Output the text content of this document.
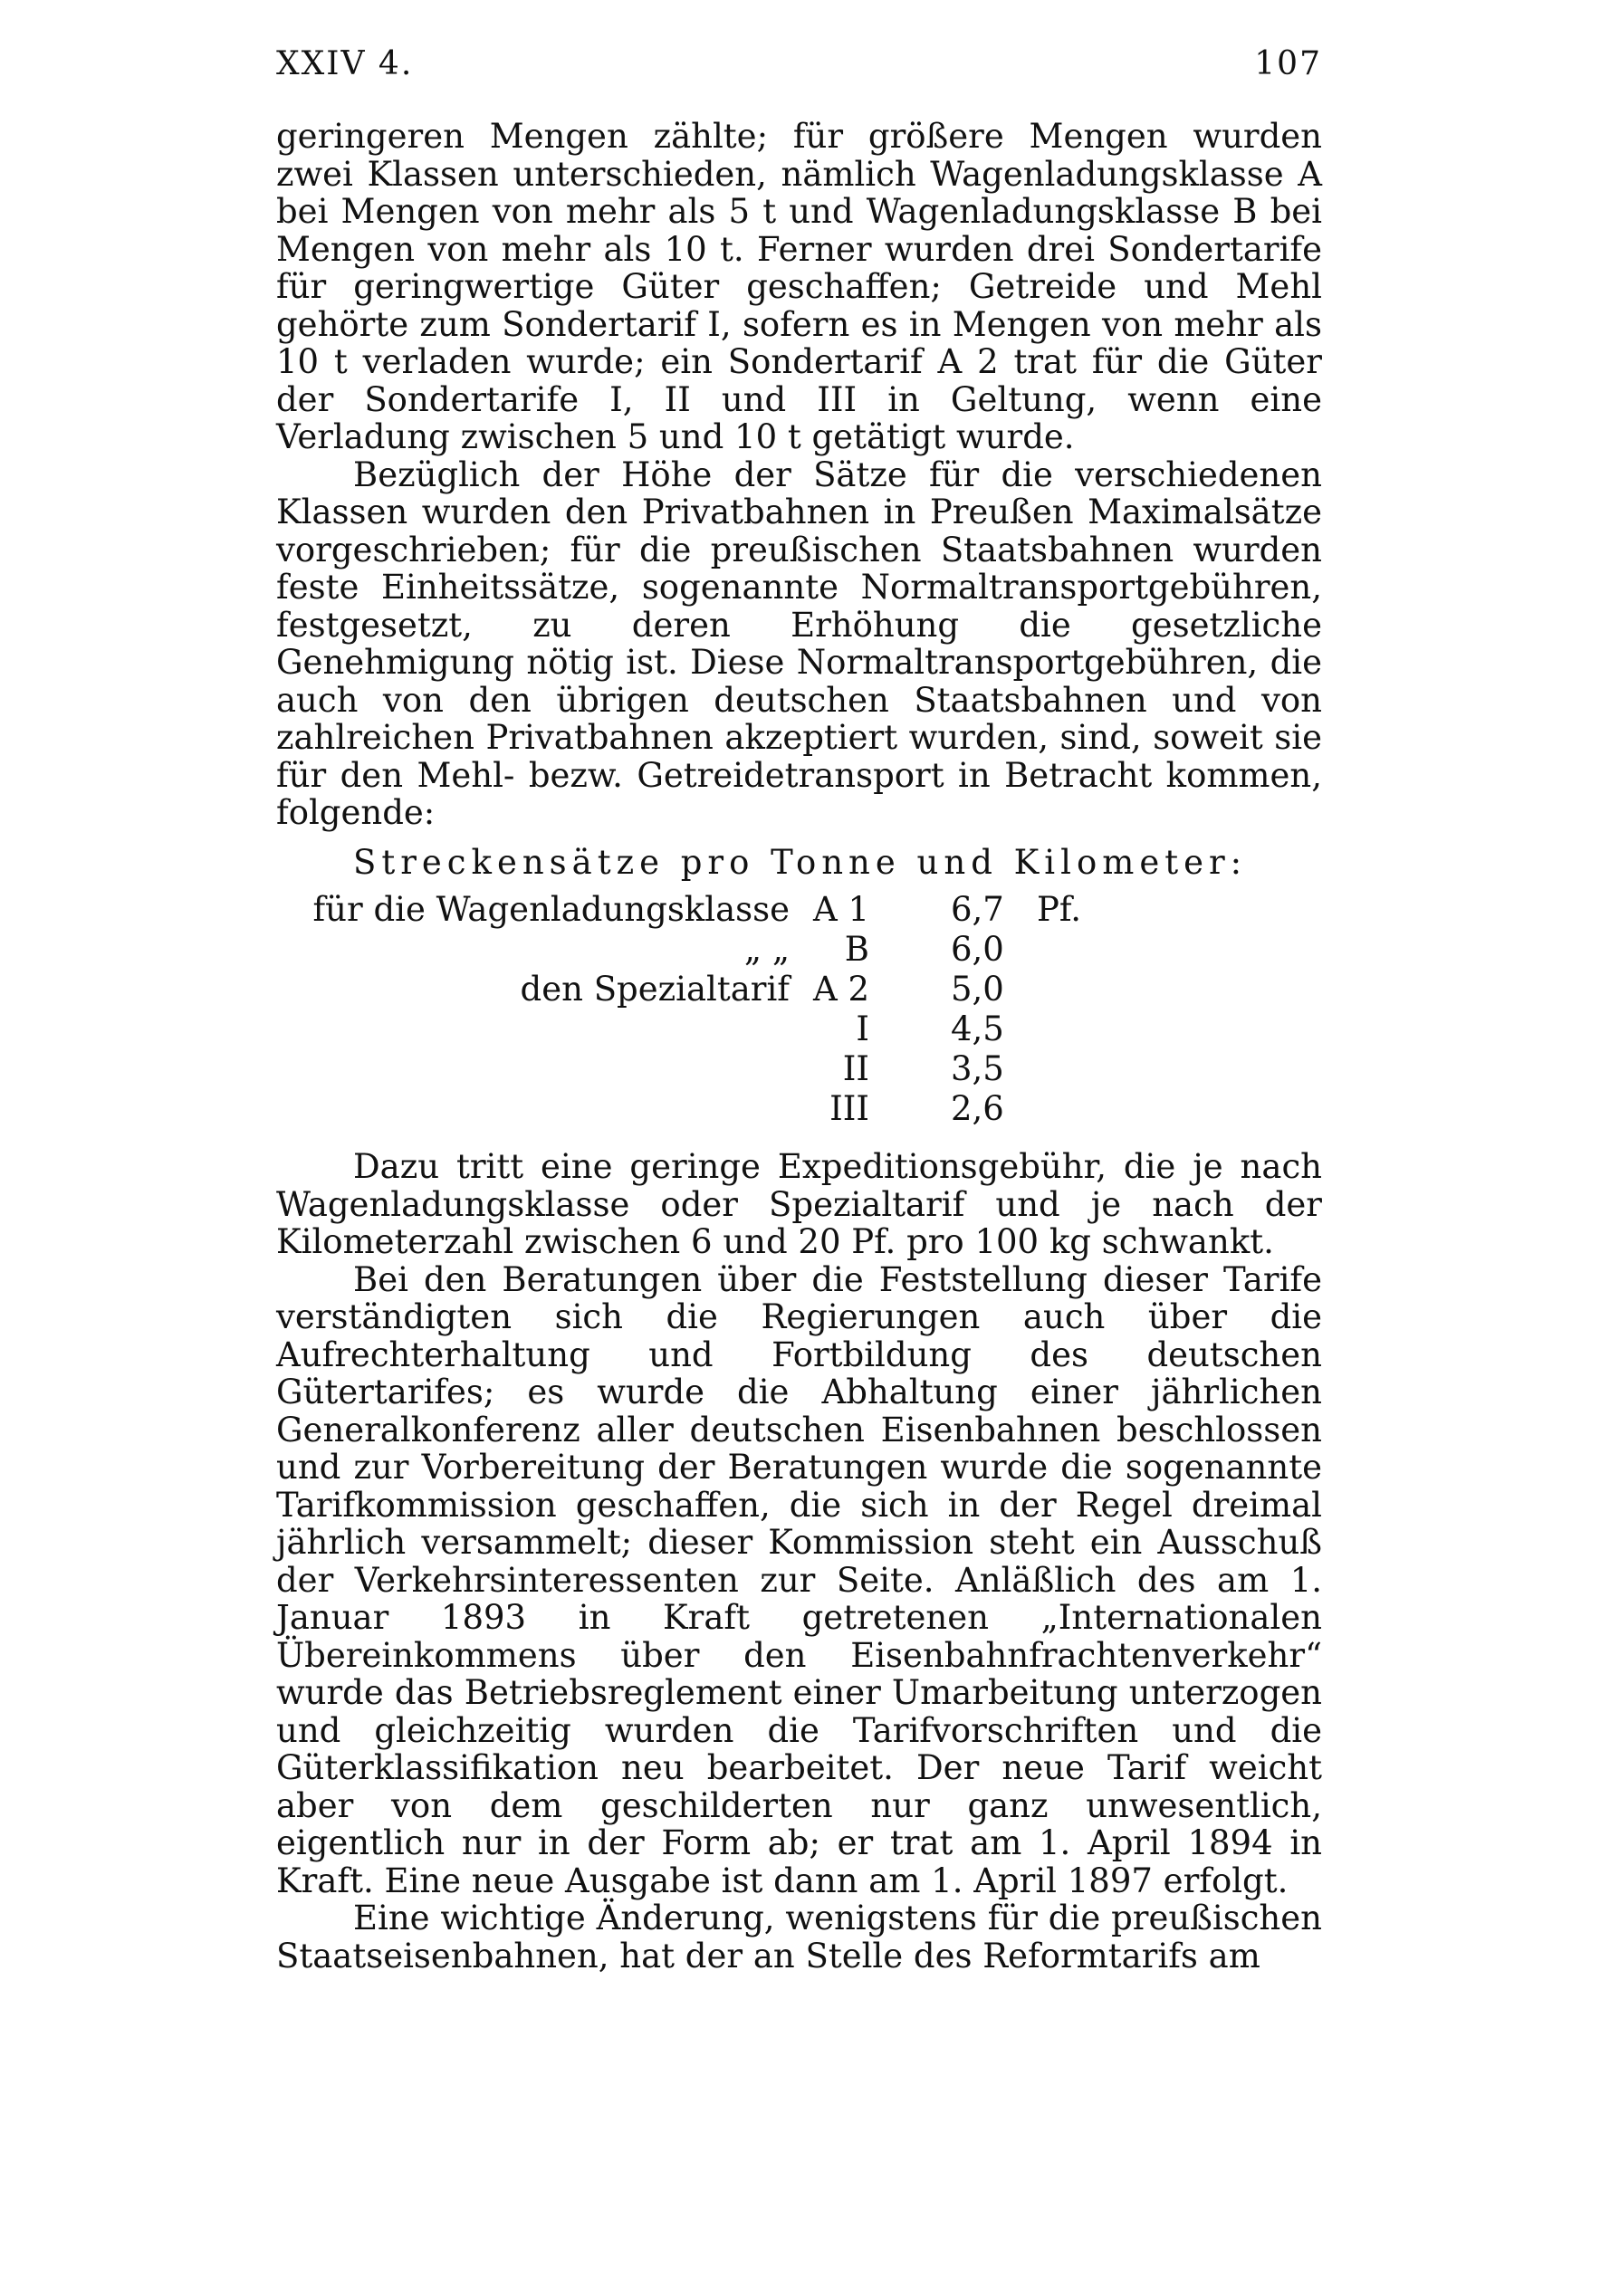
XXIV 4.	107

geringeren Mengen zählte; für größere Mengen wurden zwei Klassen unterschieden, nämlich Wagenladungsklasse A bei Mengen von mehr als 5 t und Wagenladungsklasse B bei Mengen von mehr als 10 t. Ferner wurden drei Sondertarife für geringwertige Güter geschaffen; Getreide und Mehl gehörte zum Sondertarif I, sofern es in Mengen von mehr als 10 t verladen wurde; ein Sondertarif A 2 trat für die Güter der Sondertarife I, II und III in Geltung, wenn eine Verladung zwischen 5 und 10 t getätigt wurde.

Bezüglich der Höhe der Sätze für die verschiedenen Klassen wurden den Privatbahnen in Preußen Maximalsätze vorgeschrieben; für die preußischen Staatsbahnen wurden feste Einheitssätze, sogenannte Normaltransportgebühren, festgesetzt, zu deren Erhöhung die gesetzliche Genehmigung nötig ist. Diese Normaltransportgebühren, die auch von den übrigen deutschen Staatsbahnen und von zahlreichen Privatbahnen akzeptiert wurden, sind, soweit sie für den Mehl- bezw. Getreidetransport in Betracht kommen, folgende:

Streckensätze pro Tonne und Kilometer:
für die Wagenladungsklasse A 1 6,7 Pf.
„ „	B 6,0
den Spezialtarif A 2 5,0
I 4,5
II 3,5
III 2,6

Dazu tritt eine geringe Expeditionsgebühr, die je nach Wagenladungsklasse oder Spezialtarif und je nach der Kilometerzahl zwischen 6 und 20 Pf. pro 100 kg schwankt.

Bei den Beratungen über die Feststellung dieser Tarife verständigten sich die Regierungen auch über die Aufrechterhaltung und Fortbildung des deutschen Gütertarifes; es wurde die Abhaltung einer jährlichen Generalkonferenz aller deutschen Eisenbahnen beschlossen und zur Vorbereitung der Beratungen wurde die sogenannte Tarifkommission geschaffen, die sich in der Regel dreimal jährlich versammelt; dieser Kommission steht ein Ausschuß der Verkehrsinteressenten zur Seite. Anläßlich des am 1. Januar 1893 in Kraft getretenen „Internationalen Übereinkommens über den Eisenbahnfrachtenverkehr“ wurde das Betriebsreglement einer Umarbeitung unterzogen und gleichzeitig wurden die Tarifvorschriften und die Güterklassifikation neu bearbeitet. Der neue Tarif weicht aber von dem geschilderten nur ganz unwesentlich, eigentlich nur in der Form ab; er trat am 1. April 1894 in Kraft. Eine neue Ausgabe ist dann am 1. April 1897 erfolgt.

Eine wichtige Änderung, wenigstens für die preußischen Staatseisenbahnen, hat der an Stelle des Reformtarifs am
